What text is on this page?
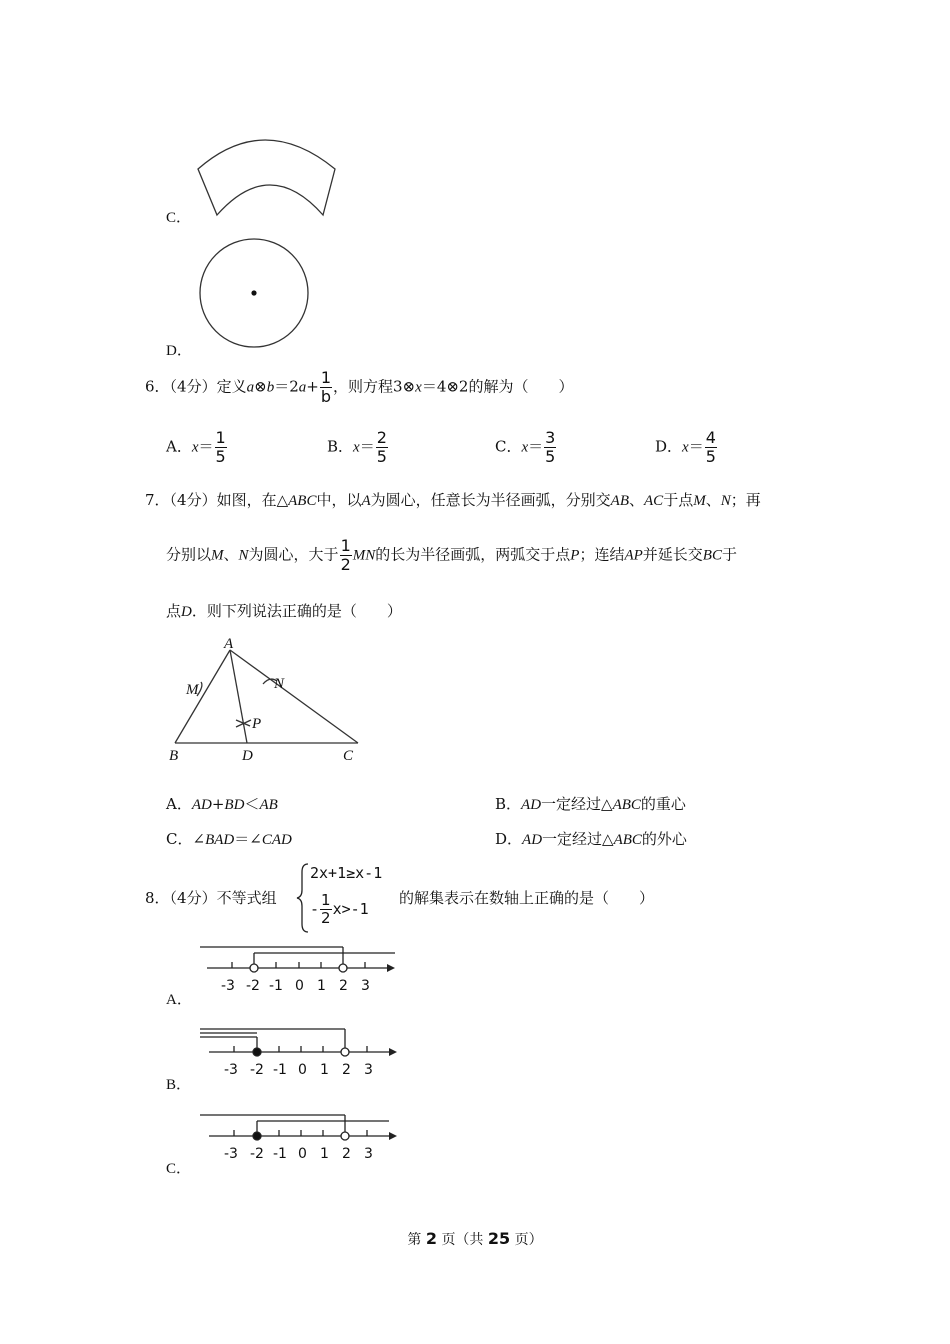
C．
D．
6．（4分）定义a⊗b＝2a+ $\frac{1}{b}$ ，则方程3⊗x＝4⊗2的解为（　　）
A．$x= \frac{1}{5}$	B．$x= \frac{2}{5}$	C．$x= \frac{3}{5}$	D．$x= \frac{4}{5}$
7．（4分）如图，在△ABC中，以A为圆心，任意长为半径画弧，分别交AB、AC于点M、N；再
分别以M、N为圆心，大于 $\frac{1}{2}$ MN的长为半径画弧，两弧交于点P；连结AP并延长交BC于
点D．则下列说法正确的是（　　）
A
M	N
P
B	D	C
A．AD+BD＜AB	B．AD一定经过△ABC的重心
C．∠BAD＝∠CAD	D．AD一定经过△ABC的外心
8．（4分）不等式组
2x+1≥x-1
- $\frac{1}{2} x>-1$
的解集表示在数轴上正确的是（　　）
-3 -2 -1 0 1 2 3
A．
-3 -2 -1 0 1 2 3
B．
-3 -2 -1 0 1 2 3
C．
第 2 页（共 25 页）
